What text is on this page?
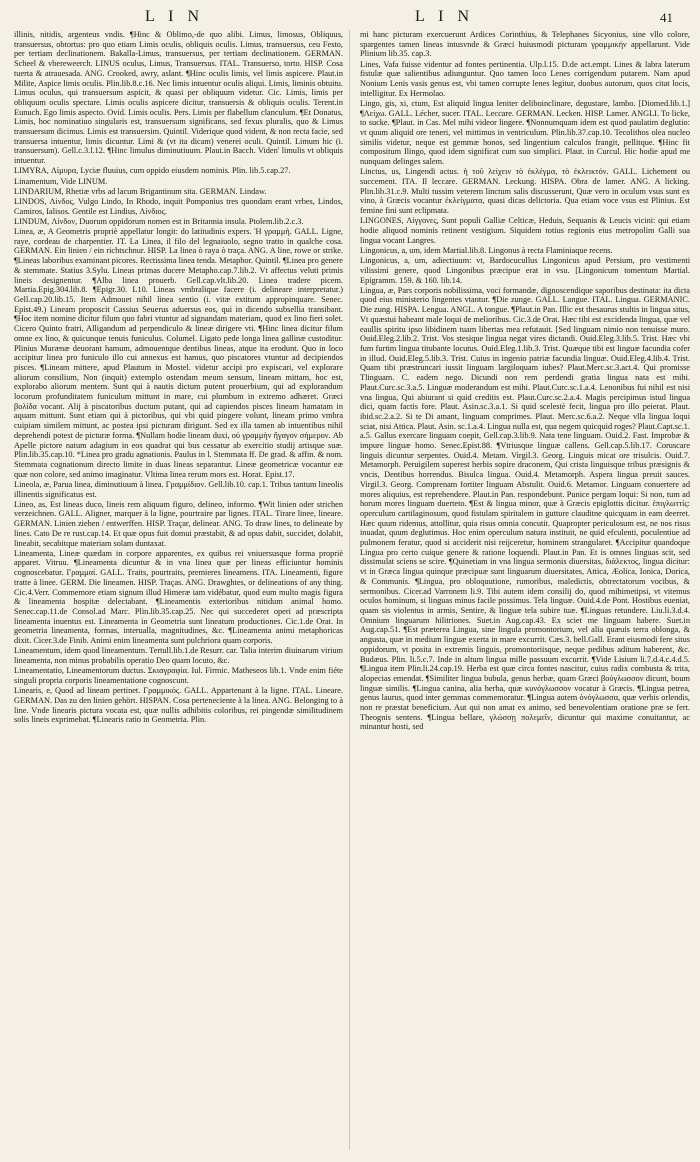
L I N	L I N	41

illinis, nitidis, argenteus vndis. ¶Hinc & Oblimo,-de quo alibi. Limus, limosus, Obliquus, transuersus, obtortus: pro quo etiam Limis oculis, obliquis oculis. Limus, transuersus, ceu Festo, per tertiam declinationem. Bakalla-Limus, transuersus, per tertiam declinationem. GERMAN. Scheel & vbereweerch. LINUS oculus, Limus, Transuersus. ITAL. Transuerso, torto. HISP. Cosa tuerta & atrauesada. ANG. Crooked, awry, aslant. ¶Hinc oculis limis, vel limis aspicere. Plaut.in Milite, Aspice limis oculis. Plin.lib.8.c.16. Nec limis intuentur oculis aliqui. Limis, liminis obtuitu. Limus oculus, qui transuersum aspicit, & quasi per obliquum videtur. Cic. Limis, limis per obliquum oculis spectare. Limis oculis aspicere dicitur, transuersis & obliquis oculis. Terent.in Eunuch. Ego limis aspecto. Ovid. Limis oculis. Pers. Limis per flabellum clanculum. ¶Et Donatus, Limis, hoc nominatiuo singularis est, transuersum significans, sed fexus pluralis, quo & Limus transuersum dicimus. Limis est transuersim. Quintil. Viderique quod vident, & non recta facie, sed transuersa intuentur, limis dicuntur. Limi & (vt ita dicam) venerei oculi. Quintil. Limum hic (i. transuersum). Gell.c.3.l.12. ¶Hinc limulus diminutiuum. Plaut.in Bacch. Viden' limulis vt obliquis intuentur.

LIMYRA, Λίμυρα, Lyciæ fluuius, cum oppido eiusdem nominis. Plin. lib.5.cap.27.

Linamentum, Vide LINUM.

LINDARIUM, Rhetiæ vrbs ad lacum Brigantinum sita. GERMAN. Lindaw.

LINDOS, Λίνδος, Vulgo Lindo, In Rhodo, inquit Pomponius tres quondam erant vrbes, Lindos, Camiros, Ialisos. Gentile est Lindius, Λίνδιος.

LINDUM, Λίνδον, Duorum oppidorum nomen est in Britannia insula. Ptolem.lib.2.c.3.

Linea, æ, A Geometris propriè appellatur longit: do latitudinis expers. Ἡ γραμμή. GALL. Ligne, raye, cordeau de charpentier. IT. La Linea, il filo del legnaiuolo, segno tratto in qualche cosa. GERMAN. Ein linien / ein richtschnur. HISP. La linea ò raya ò traça. ANG. A line, rowe or strike. ¶Lineas laboribus examinant picores. Rectissima linea tenda. Metaphor. Quintil. ¶Linea pro genere & stemmate. Statius 3.Sylu. Lineas primas ducere Metapho.cap.7.lib.2. Vt affectus veluti primis lineis designentur. ¶Alba linea prouerb. Gell.cap.vlt.lib.20. Linea tradere picem. Martia.Epig.304.lib.8. ¶Epigr.30. L10. Lineas vmbralique facere (i. delineare interpretatur.) Gell.cap.20.lib.15. Item Admouet nihil linea sentio (i. vitæ extitum appropinquare. Senec. Epist.49.) Lineam proposcit Cassius Seuerus aduersus eos, qui in dicendo subsellia transibant. ¶Hoc item nomine dicitur filum quo fabri vtuntur ad signandam materiam, quod ex lino fieri solet. Cicero Quinto fratri, Alligandum ad perpendiculo & lineæ dirigere vti. ¶Hinc linea dicitur filum omne ex lino, & quicunque tenuis funiculus. Columel. Ligato pede longa linea gallinæ custoditur. Plinius Murænæ deuorant hamum, admouentque dentibus lineas, atque ita erodunt. Quo in loco accipitur linea pro funiculo illo cui annexus est hamus, quo piscatores vtuntur ad decipiendos pisces. ¶Lineam mittere, apud Plautum in Mostel. videtur accipi pro expiscari, vel explorare aliorum consilium, Non (inquit) extemplo ostendam meum sensum, lineam mittam, hoc est, explorabo aliorum mentem. Sunt qui à nautis dictum putent prouerbium, qui ad explorandum locorum profunditatem funiculum mittunt in mare, cui plumbum in extremo adhæret. Græci βολίδα vocant. Alij à piscatoribus ductum putant, qui ad capiendos pisces lineam hamatam in aquam mittunt. Sunt etiam qui à pictoribus, qui vbi quid pingere volunt, lineam primo vmbra cuipiam similem mittunt, ac postea ipsi picturam dirigunt. Sed ex illa tamen ab intuentibus nihil deprehendi potest de picturæ forma. ¶Nullam hodie lineam duxi, οὐ γραμμὴν ἤγαγον σήμερον. Ab Apelle pictore natum adagium in eos quadrat qui bus cessatur ab exercitio studij artisque suæ. Plin.lib.35.cap.10. *Linea pro gradu agnationis. Paulus in l. Stemmata ff. De grad. & affin. & nom. Stemmata cognationum directo limite in duas lineas separantur. Lineæ geometricæ vocantur eæ quæ non colore, sed animo imaginatur. Vltima linea rerum mors est. Horat. Epist.17.

Lineola, æ, Parua linea, diminutiuum à linea. Γραμμίδιον. Gell.lib.10. cap.1. Tribus tantum lineolis illinentis significatus est.

Lineo, as, Est lineas duco, lineis rem aliquam figuro, delineo, informo. ¶Wit linien oder strichen verzeichnen. GALL. Aligner, marquer à la ligne, pourtraire par lignes. ITAL. Tirare linee, lineare. GERMAN. Linien ziehen / entwerffen. HISP. Traçar, delinear. ANG. To draw lines, to delineate by lines. Cato De re rust.cap.14. Et quæ opus fuit domui præstabit, & ad opus dabit, succidet, dolabit, lineabit, secabitque materiam solam duntaxat.

Lineamenta, Lineæ quædam in corpore apparentes, ex quibus rei vniuersusque forma propriè apparet. Vitruu. ¶Lineamenta dicuntur & in vna linea quæ per lineas efficiuntur hominis cognoscebatur. Γραμμαί. GALL. Traits, pourtraits, premieres lineamens. ITA. Lineamenti, figure tratte à linee. GERM. Die lineamen. HISP. Traças. ANG. Drawghtes, or delineations of any thing. Cic.4.Verr. Commemore etiam signum illud Himeræ iam vidébatur, quod eum multo magis figura & lineamenta hospitæ delectabant. ¶Lineamentis exterioribus nitidum animal homo. Senec.cap.11.de Consol.ad Marc. Plin.lib.35.cap.25. Nec qui succederet operi ad præscripta lineamenta inuentus est. Lineamenta in Geometria sunt lineatum productiones. Cic.1.de Orat. In geometria lineamenta, formas, interualla, magnitudines, &c. ¶Lineamenta animi metaphoricas dixit. Cicer.3.de Finib. Animi enim lineamenta sunt pulchriora quam corporis.

Lineamentum, idem quod lineamentum. Tertull.lib.1.de Resurr. car. Talia interim diuinarum virium lineamenta, non minus probabilis operatio Deo quam locuto, &c.

Lineamentatio, Lineamentorum ductus. Σκιαγραφία. Iul. Firmic. Matheseos lib.1. Vnde enim fiéte singuli propria corporis lineamentatione cognoscunt.

Linearis, e, Quod ad lineam pertinet. Γραμμικός. GALL. Appartenant à la ligne. ITAL. Lineare. GERMAN. Das zu den linien gehört. HISPAN. Cosa perteneciente à la linea. ANG. Belonging to à line. Vnde linearis pictura vocata est, quæ nullis adhibitis coloribus, rei pingendæ similitudinem solis lineis exprimebat. ¶Linearis ratio in Geometria. Plin.

mi hanc picturam exercuerunt Ardices Corinthius, & Telephanes Sicyonius, sine vllo colore, spargentes tamen lineas intusvnde & Græci huiusmodi picturam γραμμικήν appellarunt. Vide Plinium lib.35. cap.3.

Lines, Vafa fuisse videntur ad fontes pertinentia. Ulp.l.15. D.de act.empt. Lines & labra laterum fistulæ quæ salientibus adiunguntur. Quo tamen loco Lenes corrigendum putarem. Nam apud Nonium Lenis vasis genus est, vbi tamen corrupte lenes legitur, duobus autorum, quos citat locis, intelligitur. Ex Hermolao.

Lingo, gis, xi, ctum, Est aliquid lingua leniter deliboinclinare, degustare, lambo. [Diomed.lib.1.] ¶Λείχω. GALL. Lécher, sucer. ITAL. Leccare. GERMAN. Lecken. HISP. Lamer. ANGLI. To licke, to sucke. ¶Plaut. in Cas. Mel mihi videor lingere. ¶Nonnumquam idem est quod paulatim deglutio: vt quum aliquid ore teneri, vel mittimus in ventriculum. Plin.lib.37.cap.10. Tecolithos olea nucleo similis videtur, neque est gemmæ honos, sed lingentium calculos frangit, pellitque. ¶Hinc fit compositum Ilingo, quod idem significat cum suo simplici. Plaut. in Curcul. Hic hodie apud me nunquam delinges salem.

Linctus, us, Lingendi actus. ἡ τοῦ λείχειν τὸ ἐκλέγμα, τὸ ἐκλεικτόν. GALL. Lichement ou succement. ITA. Il leccare. GERMAN. Leckung. HISPA. Obra de lamer. ANG. A licking. Plin.lib.31.c.9. Multi tussim veterem linctum salis discusserunt, Quæ vero in oculum vsus sunt ex vino, à Græcis vocantur ἐκλείγματα, quasi dicas delictoria. Qua etiam voce vsus est Plinius. Est femine fini sunt eclipmata.

LINGONES, Λίγγονες, Sunt populi Galliæ Celticæ, Heduis, Sequanis & Leucis vicini: qui etiam hodie aliquod nominis retinent vestigium. Siquidem totius regionis eius metropolim Galli sua lingua vocant Langres.

Lingonicus, a, um, idem Martial.lib.8. Lingonus à recta Flaminiaque recens.

Lingonicus, a, um, adiectiuum: vt, Bardocucullus Lingonicus apud Persium, pro vestimenti vilissimi genere, quod Lingonibus præcipue erat in vsu. [Lingonicum tomentum Martial. Epigramm. 159. & 160. lib.14.

Lingua, æ, Pars corporis nobilissima, voci formandæ, dignoscendique saporibus destinata: ita dicta quod eius ministerio lingentes vtantur. ¶Die zunge. GALL. Langue. ITAL. Lingua. GERMANIC. Die zung. HISPA. Lengua. ANGL. A tongue. ¶Plaut.in Pan. Illic est thesaurus stultis in lingua situs, Vt quæstui habeant male loqui de melioribus. Cic.3.de Orat. Hæc tibi est excidenda lingua, quæ vel eaullis spiritu ipso libidinem tuam libertas mea refutauit. [Sed linguam nimio non tenuisse muro. Ouid.Eleg.2.lib.2. Trist. Vos stesique lingua negat vires dictandi. Ouid.Eleg.3.lib.5. Trist. Hæc vbi fum furtim lingua titubante locutus. Ouid.Eleg.1.lib.3. Trist. Quæque tibi est linguæ facundia cofer in illud. Ouid.Eleg.5.lib.3. Trist. Cuius in ingenio patriæ facundia linguæ. Ouid.Eleg.4.lib.4. Trist. Quam tibi præstruncari iussit linguam largiloquam iubes? Plaut.Merc.sc.3.act.4. Qui promisse Tlinguam. C. eadem nego. Dicundi non rem perdendi gratia lingua nata est mihi. Plaut.Curc.sc.3.a.5. Linguæ moderandum est mihi. Plaut.Curc.sc.1.a.4. Lenonibus fui nihil est nisi vna lingua, Qui abiurant si quid creditis est. Plaut.Curc.sc.2.a.4. Magis percipimus istud lingua dici, quam factis fore. Plaut. Asin.sc.3.a.1. Si quid scelestè fecit, lingua pro illo peierat. Plaut. ibid.sc.2.a.2. Si te Di amant, linguam comprimes. Plaut. Merc.sc.6.a.2. Neque vlla lingua loqui sciat, nisi Attica. Plaut. Asin. sc.1.a.4. Lingua nulla est, qua negem quicquid roges? Plaut.Capt.sc.1. a.5. Gallus exercare linguam coepit, Gell.cap.3.lib.9. Nata tene linguam. Ouid.2. Fast. Improbæ & impure linguæ homo. Senec.Epist.88. ¶Vtriusque linguæ callens. Gell.cap.5.lib.17. Coruscare linguis dicuntur serpentes. Ouid.4. Metam. Virgil.3. Georg. Linguis micat ore trisulcis. Ouid.7. Metamorph. Peruigilem superest herbis sopire draconem, Qui crista linguisque tribus præsignis & vncis, Dentibus horrendus. Bisulca lingua. Ouid.4. Metamorph. Aspera lingua preuit sauces. Virgil.3. Georg. Comprenam fortiter linguam Abstulit. Ouid.6. Metamor. Linguam conuertere ad mores aliquius, est reprehendere. Plaut.in Pan. respondebunt. Punice pergam loqui: Si non, tum ad horum mores linguam duerteto. ¶Est & lingua minor, quæ à Græcis epiglottis dicitur. ἐπιγλωττίς: operculum cartilaginosum, quod fistulam spiritalem in gutture clauditne quicquam in eam deerret. Hæc quum ridemus, attollitur, quia risus omnia concutit. Quapropter periculosum est, ne nos risus inuadat, quum deglutimus. Hoc enim operculum natura instituit, ne quid efculenti, poculentiue ad pulmonem feratur, quod si acciderit nisi reijceretur, hominem strangularet. ¶Accipitur quandoque Lingua pro certo cuique genere & ratione loquendi. Plaut.in Pan. Et is omnes linguas scit, sed dissimulat sciens se scire. ¶Quinetiam in vna lingua sermonis diuersitas, διάλεκτος, lingua dicitur: vt in Græca lingua quinque præcipuæ sunt linguarum diuersitates, Attica, Æolica, Ionica, Dorica, & Communis. ¶Lingua, pro obloquutione, rumoribus, maledictis, obtrectatorum vocibus, & sermonibus. Cicer.ad Varronem li.9. Tibi autem idem consilij do, quod mihimetipsi, vt vitemus oculos hominum, si linguas minus facile possimus. Tela linguæ. Ouid.4.de Pont. Hostibus eueniat, quam sis violentus in armis, Sentire, & linguæ tela subire tuæ. ¶Linguas retundere. Liu.li.3.d.4. Omnium linguarum hilitriones. Suet.in Aug.cap.43. Ex sciet me linguam habere. Suet.in Aug.cap.51. ¶Est præterea Lingua, sine lingula promontorium, vel alia quæuis terra oblonga, & angusta, quæ in medium linguæ exerta in mare excurrit. Cæs.3. bell.Gall. Erant eiusmodi fere situs oppidorum, vt posita in extremis linguis, promontoriisque, neque pedibus aditum haberent, &c. Budæus. Plin. li.5.c.7. Inde in altum lingua mille passuum excurrit. ¶Vide Lisium li.7.d.4.c.4.d.5. ¶Lingua item Plin.li.24.cap.19. Herba est quæ circa fontes nascitur, cuius radix combusta & trita, alopecias emendat. ¶Similiter lingua bubula, genus herbæ, quam Græci βούγλωσσον dicunt, boum linguæ similis. ¶Lingua canina, alia herba, quæ κυνόγλωσσον vocatur à Græcis. ¶Lingua petrea, genus laurus, quod inter gemmas commemoratur. ¶Lingua autem ὀνόγλωσσα, quæ verbis orlendis, non re præstat beneficium. Aut qui non amat ex animo, sed benevolentiam oratione præ se fert. Theognis sentens. ¶Lingua bellare, γλώσσῃ πολεμεῖν, dicuntur qui maxime conuitantur, ac minantur hosti, sed
